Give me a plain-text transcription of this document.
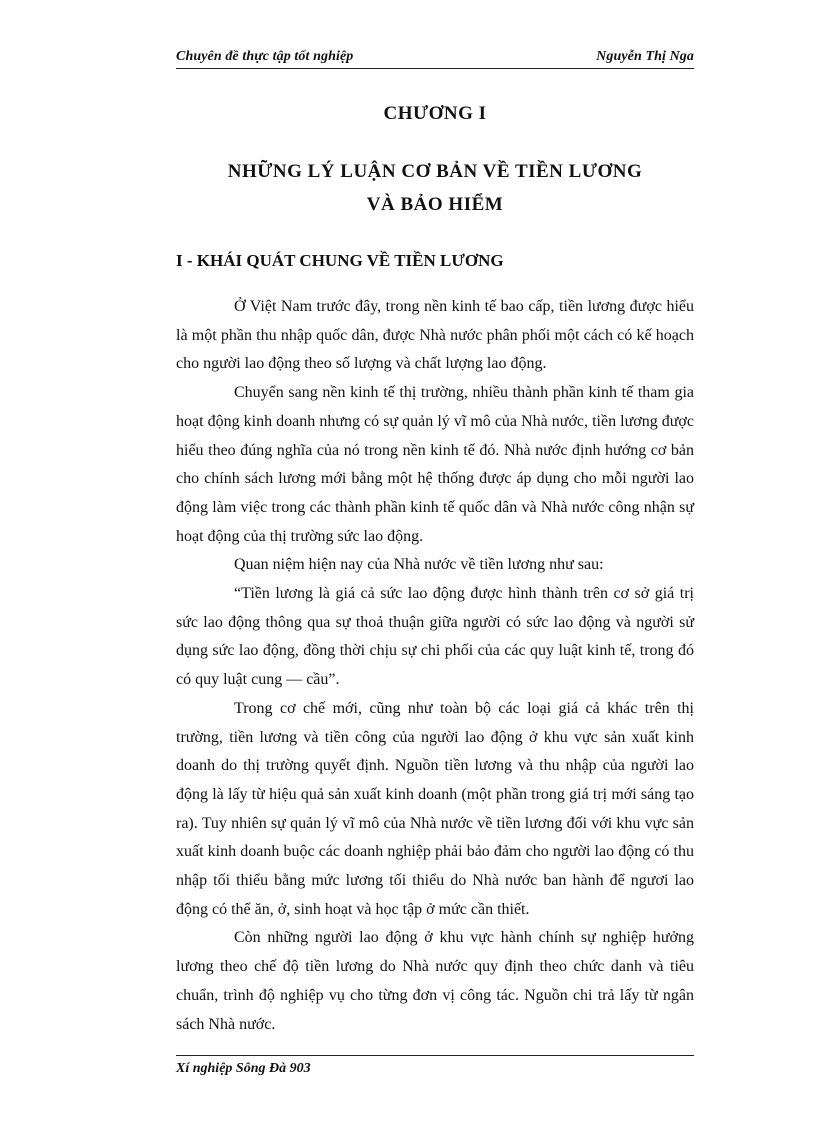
Chuyên đề thực tập tốt nghiệp	Nguyễn Thị Nga
CHƯƠNG I
NHỮNG LÝ LUẬN CƠ BẢN VỀ TIỀN LƯƠNG
VÀ BẢO HIỂM
I - KHÁI QUÁT CHUNG VỀ TIỀN LƯƠNG

Ở Việt Nam trước đây, trong nền kinh tế bao cấp, tiền lương được hiểu là một phần thu nhập quốc dân, được Nhà nước phân phối một cách có kế hoạch cho người lao động theo số lượng và chất lượng lao động.

Chuyển sang nền kinh tế thị trường, nhiều thành phần kinh tế tham gia hoạt động kinh doanh nhưng có sự quản lý vĩ mô của Nhà nước, tiền lương được hiểu theo đúng nghĩa của nó trong nền kinh tế đó. Nhà nước định hướng cơ bản cho chính sách lương mới bằng một hệ thống được áp dụng cho mỗi người lao động làm việc trong các thành phần kinh tế quốc dân và Nhà nước công nhận sự hoạt động của thị trường sức lao động.

Quan niệm hiện nay của Nhà nước về tiền lương như sau:

“Tiền lương là giá cả sức lao động được hình thành trên cơ sở giá trị sức lao động thông qua sự thoả thuận giữa người có sức lao động và người sử dụng sức lao động, đồng thời chịu sự chi phối của các quy luật kinh tế, trong đó có quy luật cung — cầu”.

Trong cơ chế mới, cũng như toàn bộ các loại giá cả khác trên thị trường, tiền lương và tiền công của người lao động ở khu vực sản xuất kinh doanh do thị trường quyết định. Nguồn tiền lương và thu nhập của người lao động là lấy từ hiệu quả sản xuất kinh doanh (một phần trong giá trị mới sáng tạo ra). Tuy nhiên sự quản lý vĩ mô của Nhà nước về tiền lương đối với khu vực sản xuất kinh doanh buộc các doanh nghiệp phải bảo đảm cho người lao động có thu nhập tối thiểu bằng mức lương tối thiểu do Nhà nước ban hành để ngươi lao động có thể ăn, ở, sinh hoạt và học tập ở mức cần thiết.

Còn những người lao động ở khu vực hành chính sự nghiệp hưởng lương theo chế độ tiền lương do Nhà nước quy định theo chức danh và tiêu chuẩn, trình độ nghiệp vụ cho từng đơn vị công tác. Nguồn chi trả lấy từ ngân sách Nhà nước.

Xí nghiệp Sông Đà 903
